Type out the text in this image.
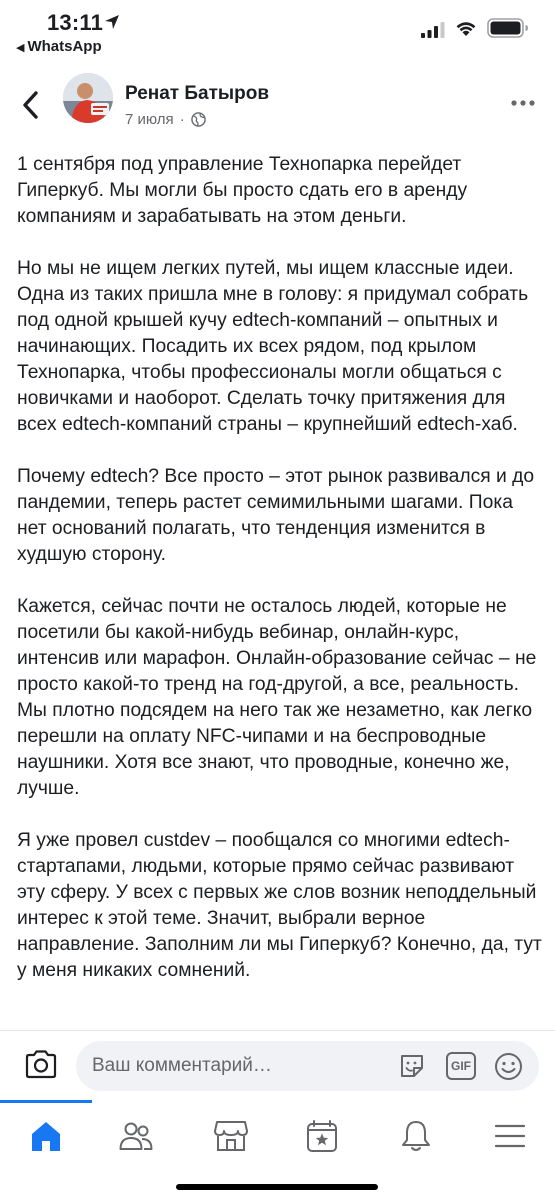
13:11
◀ WhatsApp
Ренат Батыров
7 июля ·

1 сентября под управление Технопарка перейдет Гиперкуб. Мы могли бы просто сдать его в аренду компаниям и зарабатывать на этом деньги.

Но мы не ищем легких путей, мы ищем классные идеи. Одна из таких пришла мне в голову: я придумал собрать под одной крышей кучу edtech-компаний – опытных и начинающих. Посадить их всех рядом, под крылом Технопарка, чтобы профессионалы могли общаться с новичками и наоборот. Сделать точку притяжения для всех edtech-компаний страны – крупнейший edtech-хаб.

Почему edtech? Все просто – этот рынок развивался и до пандемии, теперь растет семимильными шагами. Пока нет оснований полагать, что тенденция изменится в худшую сторону.

Кажется, сейчас почти не осталось людей, которые не посетили бы какой-нибудь вебинар, онлайн-курс, интенсив или марафон. Онлайн-образование сейчас – не просто какой-то тренд на год-другой, а все, реальность. Мы плотно подсядем на него так же незаметно, как легко перешли на оплату NFC-чипами и на беспроводные наушники. Хотя все знают, что проводные, конечно же, лучше.

Я уже провел custdev – пообщался со многими edtech-стартапами, людьми, которые прямо сейчас развивают эту сферу. У всех с первых же слов возник неподдельный интерес к этой теме. Значит, выбрали верное направление. Заполним ли мы Гиперкуб? Конечно, да, тут у меня никаких сомнений.

Ваш комментарий…	GIF
